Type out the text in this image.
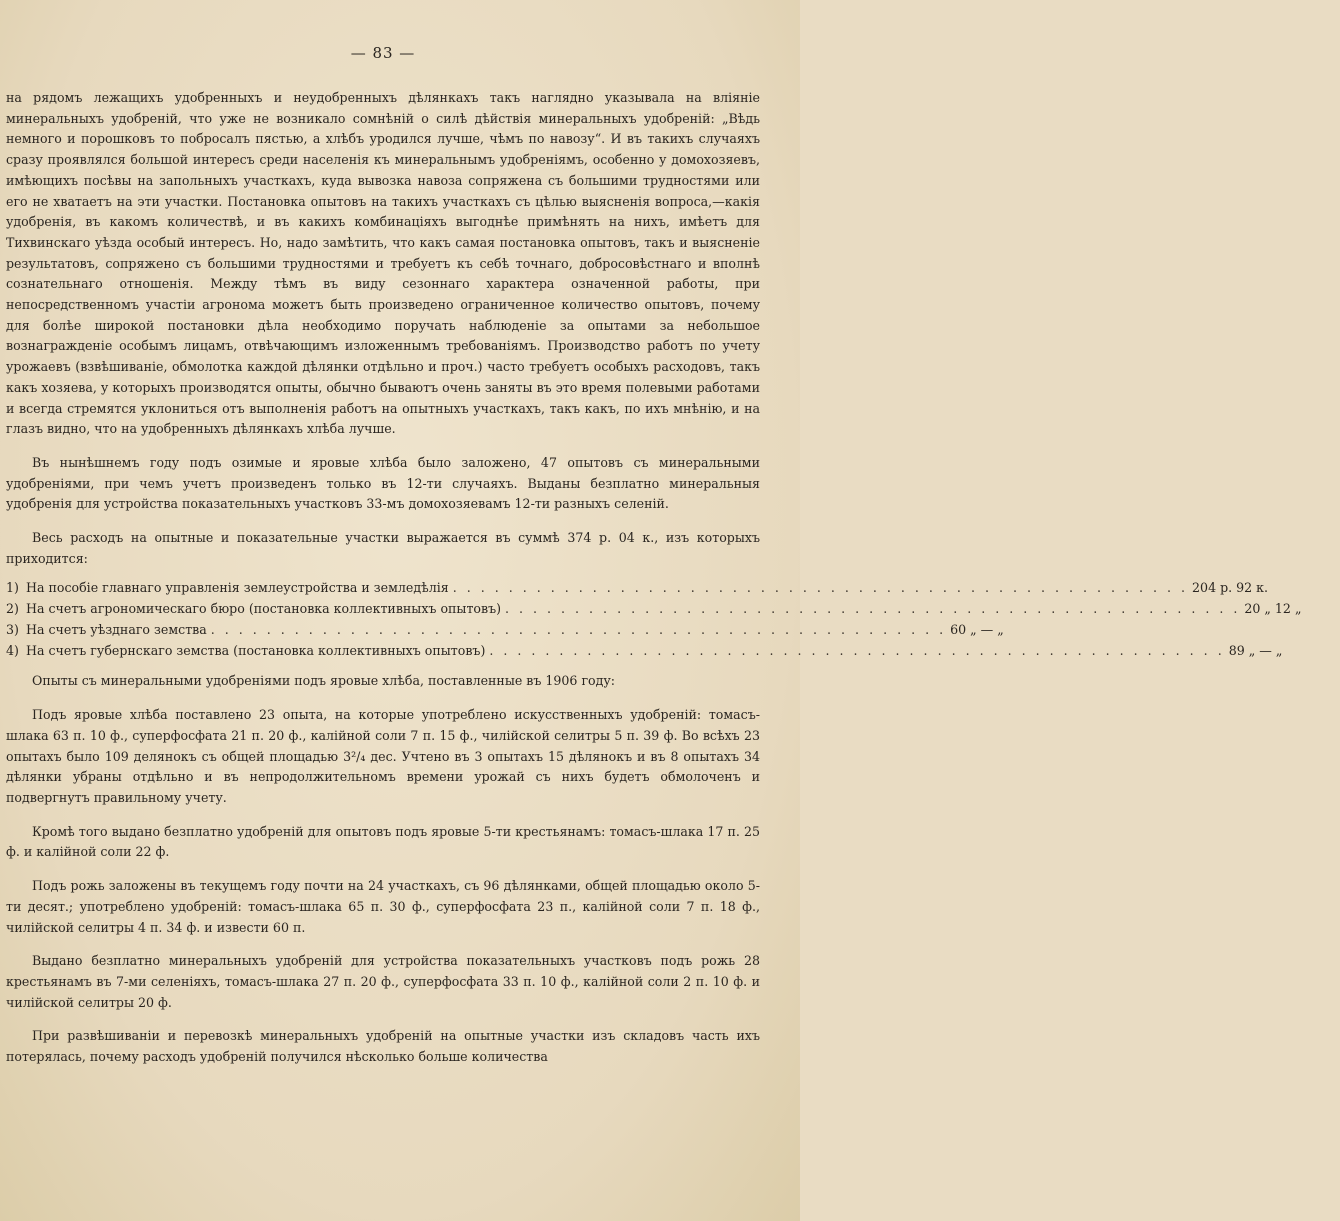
— 83 —

на рядомъ лежащихъ удобренныхъ и неудобренныхъ дѣлянкахъ такъ наглядно указывала на вліяніе минеральныхъ удобреній, что уже не возникало сомнѣній о силѣ дѣйствія минеральныхъ удобреній: „Вѣдь немного и порошковъ то побросалъ пястью, а хлѣбъ уродился лучше, чѣмъ по навозу“. И въ такихъ случаяхъ сразу проявлялся большой интересъ среди населенія къ минеральнымъ удобреніямъ, особенно у домохозяевъ, имѣющихъ посѣвы на запольныхъ участкахъ, куда вывозка навоза сопряжена съ большими трудностями или его не хватаетъ на эти участки. Постановка опытовъ на такихъ участкахъ съ цѣлью выясненія вопроса,—какія удобренія, въ какомъ количествѣ, и въ какихъ комбинаціяхъ выгоднѣе примѣнять на нихъ, имѣетъ для Тихвинскаго уѣзда особый интересъ. Но, надо замѣтить, что какъ самая постановка опытовъ, такъ и выясненіе результатовъ, сопряжено съ большими трудностями и требуетъ къ себѣ точнаго, добросовѣстнаго и вполнѣ сознательнаго отношенія. Между тѣмъ въ виду сезоннаго характера означенной работы, при непосредственномъ участіи агронома можетъ быть произведено ограниченное количество опытовъ, почему для болѣе широкой постановки дѣла необходимо поручать наблюденіе за опытами за небольшое вознагражденіе особымъ лицамъ, отвѣчающимъ изложеннымъ требованіямъ. Производство работъ по учету урожаевъ (взвѣшиваніе, обмолотка каждой дѣлянки отдѣльно и проч.) часто требуетъ особыхъ расходовъ, такъ какъ хозяева, у которыхъ производятся опыты, обычно бываютъ очень заняты въ это время полевыми работами и всегда стремятся уклониться отъ выполненія работъ на опытныхъ участкахъ, такъ какъ, по ихъ мнѣнію, и на глазъ видно, что на удобренныхъ дѣлянкахъ хлѣба лучше.

Въ нынѣшнемъ году подъ озимые и яровые хлѣба было заложено, 47 опытовъ съ минеральными удобреніями, при чемъ учетъ произведенъ только въ 12-ти случаяхъ. Выданы безплатно минеральныя удобренія для устройства показательныхъ участковъ 33-мъ домохозяевамъ 12-ти разныхъ селеній.

Весь расходъ на опытные и показательные участки выражается въ суммѣ 374 р. 04 к., изъ которыхъ приходится:

1) На пособіе главнаго управленія землеустройства и земледѣлія . . .	204 р. 92 к.
2) На счетъ агрономическаго бюро (постановка коллективныхъ опытовъ) . . .	20 „ 12 „
3) На счетъ уѣзднаго земства . . .	60 „ — „
4) На счетъ губернскаго земства (постановка коллективныхъ опытовъ) . . .	89 „ — „

Опыты съ минеральными удобреніями подъ яровые хлѣба, поставленные въ 1906 году:

Подъ яровые хлѣба поставлено 23 опыта, на которые употреблено искусственныхъ удобреній: томасъ-шлака 63 п. 10 ф., суперфосфата 21 п. 20 ф., калійной соли 7 п. 15 ф., чилійской селитры 5 п. 39 ф. Во всѣхъ 23 опытахъ было 109 делянокъ съ общей площадью 3²/₄ дес. Учтено въ 3 опытахъ 15 дѣлянокъ и въ 8 опытахъ 34 дѣлянки убраны отдѣльно и въ непродолжительномъ времени урожай съ нихъ будетъ обмолоченъ и подвергнутъ правильному учету.

Кромѣ того выдано безплатно удобреній для опытовъ подъ яровые 5-ти крестьянамъ: томасъ-шлака 17 п. 25 ф. и калійной соли 22 ф.

Подъ рожь заложены въ текущемъ году почти на 24 участкахъ, съ 96 дѣлянками, общей площадью около 5-ти десят.; употреблено удобреній: томасъ-шлака 65 п. 30 ф., суперфосфата 23 п., калійной соли 7 п. 18 ф., чилійской селитры 4 п. 34 ф. и извести 60 п.

Выдано безплатно минеральныхъ удобреній для устройства показательныхъ участковъ подъ рожь 28 крестьянамъ въ 7-ми селеніяхъ, томасъ-шлака 27 п. 20 ф., суперфосфата 33 п. 10 ф., калійной соли 2 п. 10 ф. и чилійской селитры 20 ф.

При развѣшиваніи и перевозкѣ минеральныхъ удобреній на опытные участки изъ складовъ часть ихъ потерялась, почему расходъ удобреній получился нѣсколько больше количества
